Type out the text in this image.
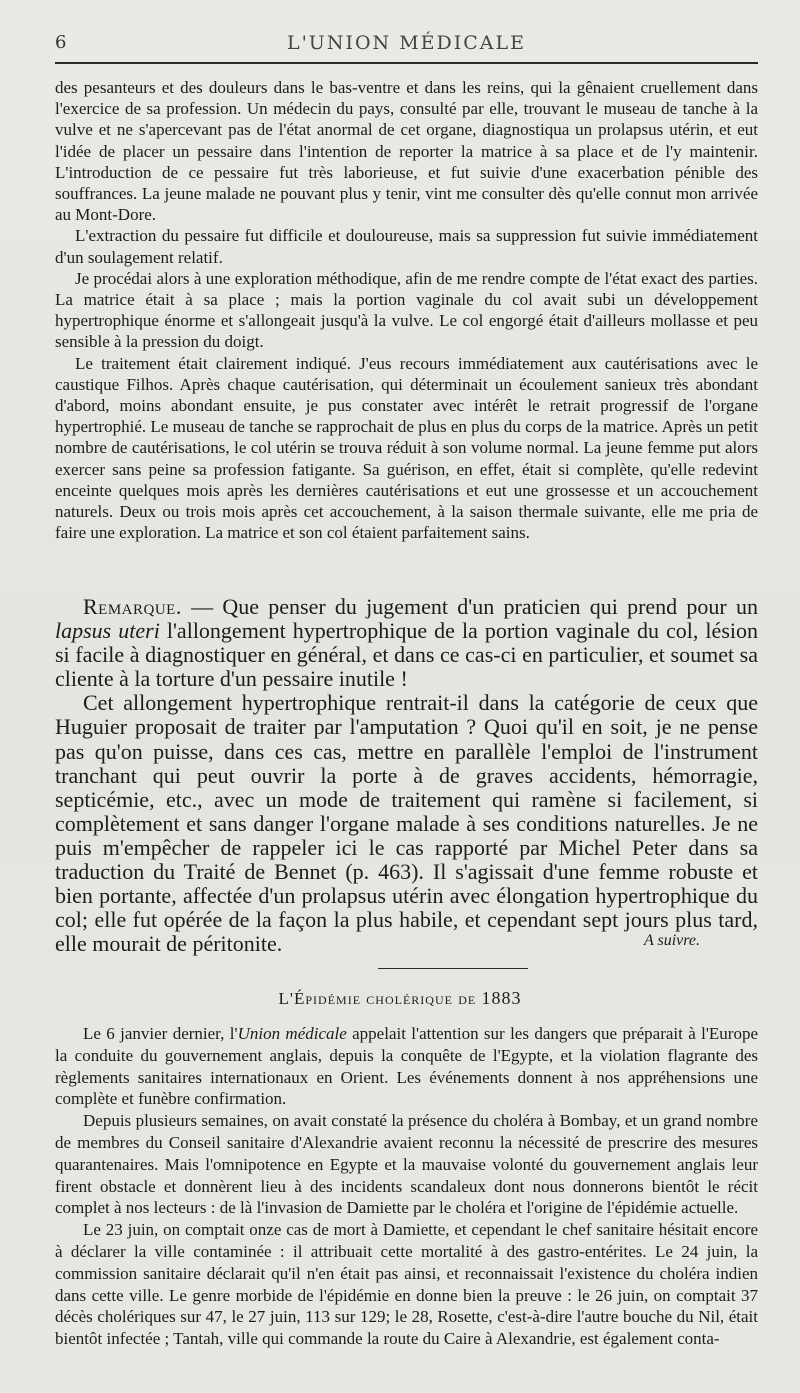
6	L'UNION MÉDICALE

des pesanteurs et des douleurs dans le bas-ventre et dans les reins, qui la gênaient cruellement dans l'exercice de sa profession. Un médecin du pays, consulté par elle, trouvant le museau de tanche à la vulve et ne s'apercevant pas de l'état anormal de cet organe, diagnostiqua un prolapsus utérin, et eut l'idée de placer un pessaire dans l'intention de reporter la matrice à sa place et de l'y maintenir. L'introduction de ce pessaire fut très laborieuse, et fut suivie d'une exacerbation pénible des souffrances. La jeune malade ne pouvant plus y tenir, vint me consulter dès qu'elle connut mon arrivée au Mont-Dore.

L'extraction du pessaire fut difficile et douloureuse, mais sa suppression fut suivie immédiatement d'un soulagement relatif.

Je procédai alors à une exploration méthodique, afin de me rendre compte de l'état exact des parties. La matrice était à sa place ; mais la portion vaginale du col avait subi un développement hypertrophique énorme et s'allongeait jusqu'à la vulve. Le col engorgé était d'ailleurs mollasse et peu sensible à la pression du doigt.

Le traitement était clairement indiqué. J'eus recours immédiatement aux cautérisations avec le caustique Filhos. Après chaque cautérisation, qui déterminait un écoulement sanieux très abondant d'abord, moins abondant ensuite, je pus constater avec intérêt le retrait progressif de l'organe hypertrophié. Le museau de tanche se rapprochait de plus en plus du corps de la matrice. Après un petit nombre de cautérisations, le col utérin se trouva réduit à son volume normal. La jeune femme put alors exercer sans peine sa profession fatigante. Sa guérison, en effet, était si complète, qu'elle redevint enceinte quelques mois après les dernières cautérisations et eut une grossesse et un accouchement naturels. Deux ou trois mois après cet accouchement, à la saison thermale suivante, elle me pria de faire une exploration. La matrice et son col étaient parfaitement sains.

Remarque. — Que penser du jugement d'un praticien qui prend pour un lapsus uteri l'allongement hypertrophique de la portion vaginale du col, lésion si facile à diagnostiquer en général, et dans ce cas-ci en particulier, et soumet sa cliente à la torture d'un pessaire inutile !

Cet allongement hypertrophique rentrait-il dans la catégorie de ceux que Huguier proposait de traiter par l'amputation ? Quoi qu'il en soit, je ne pense pas qu'on puisse, dans ces cas, mettre en parallèle l'emploi de l'instrument tranchant qui peut ouvrir la porte à de graves accidents, hémorragie, septicémie, etc., avec un mode de traitement qui ramène si facilement, si complètement et sans danger l'organe malade à ses conditions naturelles. Je ne puis m'empêcher de rappeler ici le cas rapporté par Michel Peter dans sa traduction du Traité de Bennet (p. 463). Il s'agissait d'une femme robuste et bien portante, affectée d'un prolapsus utérin avec élongation hypertrophique du col; elle fut opérée de la façon la plus habile, et cependant sept jours plus tard, elle mourait de péritonite.	A suivre.
L'Épidémie cholérique de 1883

Le 6 janvier dernier, l'Union médicale appelait l'attention sur les dangers que préparait à l'Europe la conduite du gouvernement anglais, depuis la conquête de l'Egypte, et la violation flagrante des règlements sanitaires internationaux en Orient. Les événements donnent à nos appréhensions une complète et funèbre confirmation.

Depuis plusieurs semaines, on avait constaté la présence du choléra à Bombay, et un grand nombre de membres du Conseil sanitaire d'Alexandrie avaient reconnu la nécessité de prescrire des mesures quarantenaires. Mais l'omnipotence en Egypte et la mauvaise volonté du gouvernement anglais leur firent obstacle et donnèrent lieu à des incidents scandaleux dont nous donnerons bientôt le récit complet à nos lecteurs : de là l'invasion de Damiette par le choléra et l'origine de l'épidémie actuelle.

Le 23 juin, on comptait onze cas de mort à Damiette, et cependant le chef sanitaire hésitait encore à déclarer la ville contaminée : il attribuait cette mortalité à des gastro-entérites. Le 24 juin, la commission sanitaire déclarait qu'il n'en était pas ainsi, et reconnaissait l'existence du choléra indien dans cette ville. Le genre morbide de l'épidémie en donne bien la preuve : le 26 juin, on comptait 37 décès cholériques sur 47, le 27 juin, 113 sur 129; le 28, Rosette, c'est-à-dire l'autre bouche du Nil, était bientôt infectée ; Tantah, ville qui commande la route du Caire à Alexandrie, est également conta-
